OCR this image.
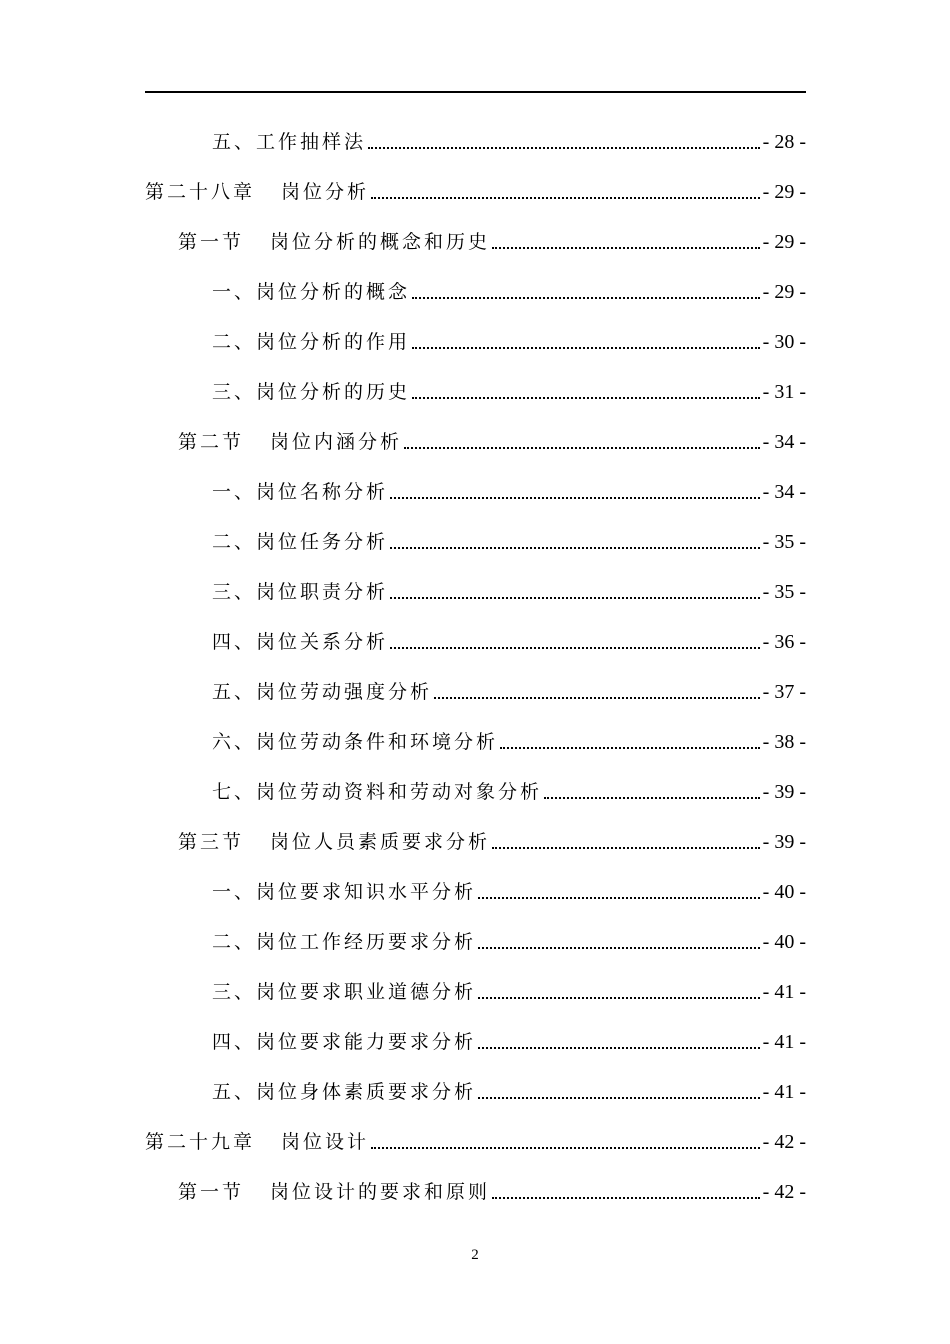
五、工作抽样法	- 28 -
第二十八章 岗位分析	- 29 -
第一节 岗位分析的概念和历史	- 29 -
一、岗位分析的概念	- 29 -
二、岗位分析的作用	- 30 -
三、岗位分析的历史	- 31 -
第二节 岗位内涵分析	- 34 -
一、岗位名称分析	- 34 -
二、岗位任务分析	- 35 -
三、岗位职责分析	- 35 -
四、岗位关系分析	- 36 -
五、岗位劳动强度分析	- 37 -
六、岗位劳动条件和环境分析	- 38 -
七、岗位劳动资料和劳动对象分析	- 39 -
第三节 岗位人员素质要求分析	- 39 -
一、岗位要求知识水平分析	- 40 -
二、岗位工作经历要求分析	- 40 -
三、岗位要求职业道德分析	- 41 -
四、岗位要求能力要求分析	- 41 -
五、岗位身体素质要求分析	- 41 -
第二十九章 岗位设计	- 42 -
第一节 岗位设计的要求和原则	- 42 -
2
